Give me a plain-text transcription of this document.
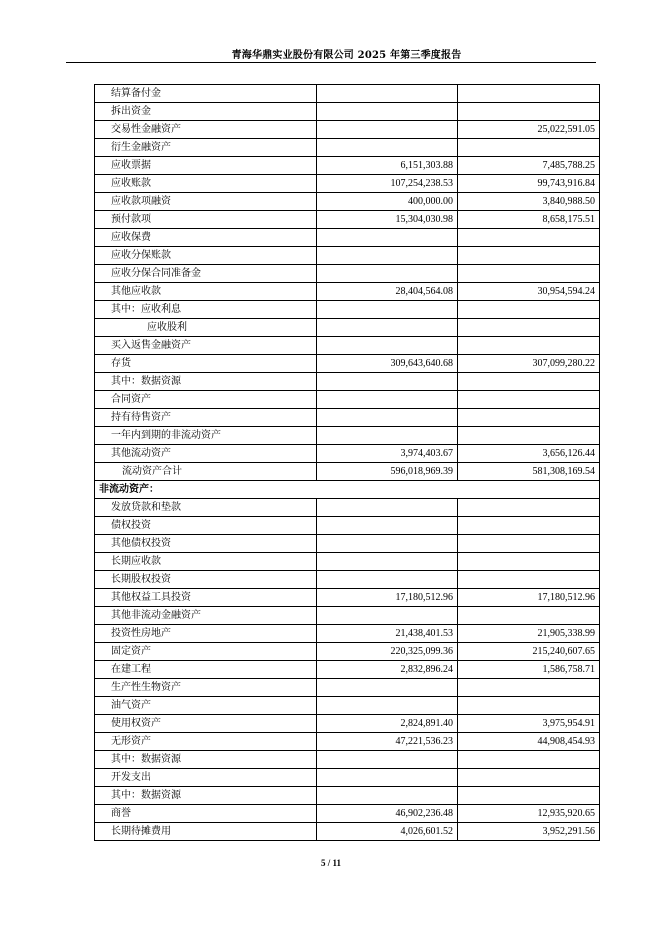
青海华鼎实业股份有限公司 2025 年第三季度报告
结算备付金		
拆出资金		
交易性金融资产		25,022,591.05
衍生金融资产		
应收票据	6,151,303.88	7,485,788.25
应收账款	107,254,238.53	99,743,916.84
应收款项融资	400,000.00	3,840,988.50
预付款项	15,304,030.98	8,658,175.51
应收保费		
应收分保账款		
应收分保合同准备金		
其他应收款	28,404,564.08	30,954,594.24
其中：应收利息		
应收股利		
买入返售金融资产		
存货	309,643,640.68	307,099,280.22
其中：数据资源		
合同资产		
持有待售资产		
一年内到期的非流动资产		
其他流动资产	3,974,403.67	3,656,126.44
流动资产合计	596,018,969.39	581,308,169.54
非流动资产：		
发放贷款和垫款		
债权投资		
其他债权投资		
长期应收款		
长期股权投资		
其他权益工具投资	17,180,512.96	17,180,512.96
其他非流动金融资产		
投资性房地产	21,438,401.53	21,905,338.99
固定资产	220,325,099.36	215,240,607.65
在建工程	2,832,896.24	1,586,758.71
生产性生物资产		
油气资产		
使用权资产	2,824,891.40	3,975,954.91
无形资产	47,221,536.23	44,908,454.93
其中：数据资源		
开发支出		
其中：数据资源		
商誉	46,902,236.48	12,935,920.65
长期待摊费用	4,026,601.52	3,952,291.56
5 / 11
